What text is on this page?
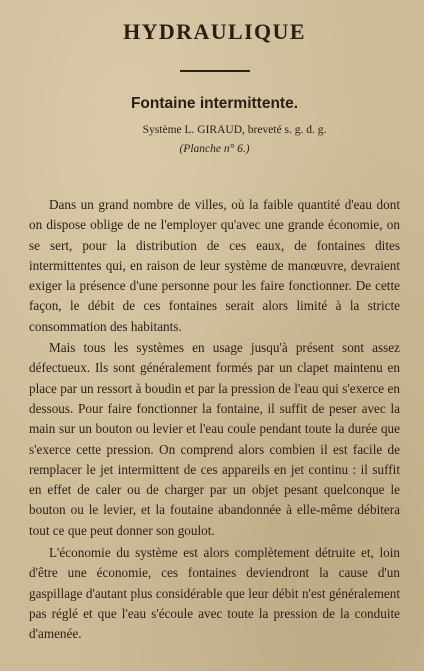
HYDRAULIQUE
Fontaine intermittente.
Système L. GIRAUD, breveté s. g. d. g.
(Planche n° 6.)

Dans un grand nombre de villes, où la faible quantité d'eau dont on dispose oblige de ne l'employer qu'avec une grande économie, on se sert, pour la distribution de ces eaux, de fontaines dites intermittentes qui, en raison de leur système de manœuvre, devraient exiger la présence d'une personne pour les faire fonctionner. De cette façon, le débit de ces fontaines serait alors limité à la stricte consommation des habitants.

Mais tous les systèmes en usage jusqu'à présent sont assez défectueux. Ils sont généralement formés par un clapet maintenu en place par un ressort à boudin et par la pression de l'eau qui s'exerce en dessous. Pour faire fonctionner la fontaine, il suffit de peser avec la main sur un bouton ou levier et l'eau coule pendant toute la durée que s'exerce cette pression. On comprend alors combien il est facile de remplacer le jet intermittent de ces appareils en jet continu : il suffit en effet de caler ou de charger par un objet pesant quelconque le bouton ou le levier, et la foutaine abandonnée à elle-même débitera tout ce que peut donner son goulot.

L'économie du système est alors complètement détruite et, loin d'être une économie, ces fontaines deviendront la cause d'un gaspillage d'autant plus considérable que leur débit n'est généralement pas réglé et que l'eau s'écoule avec toute la pression de la conduite d'amenée.
